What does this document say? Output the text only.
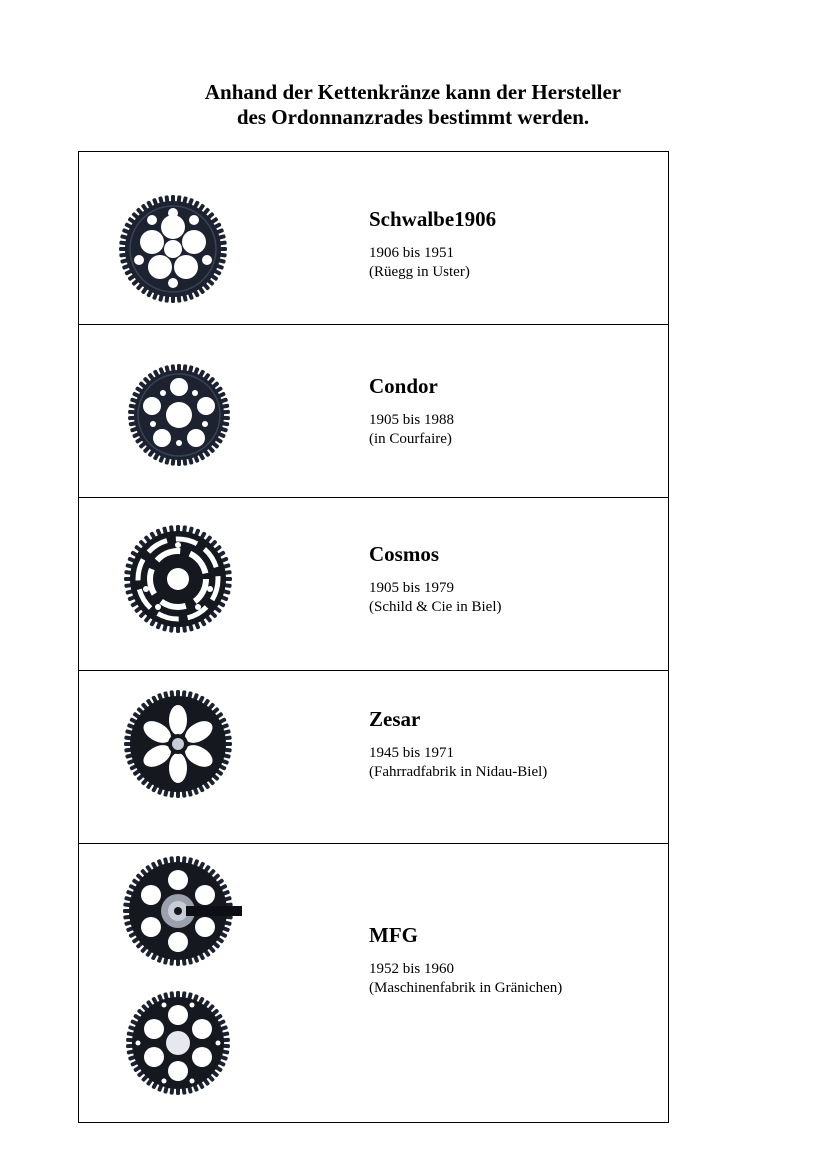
Anhand der Kettenkränze kann der Hersteller
des Ordonnanzrades bestimmt werden.
Schwalbe1906
1906 bis 1951
(Rüegg in Uster)
Condor
1905 bis 1988
(in Courfaire)
Cosmos
1905 bis 1979
(Schild & Cie in Biel)
Zesar
1945 bis 1971
(Fahrradfabrik in Nidau-Biel)
MFG
1952 bis 1960
(Maschinenfabrik in Gränichen)
